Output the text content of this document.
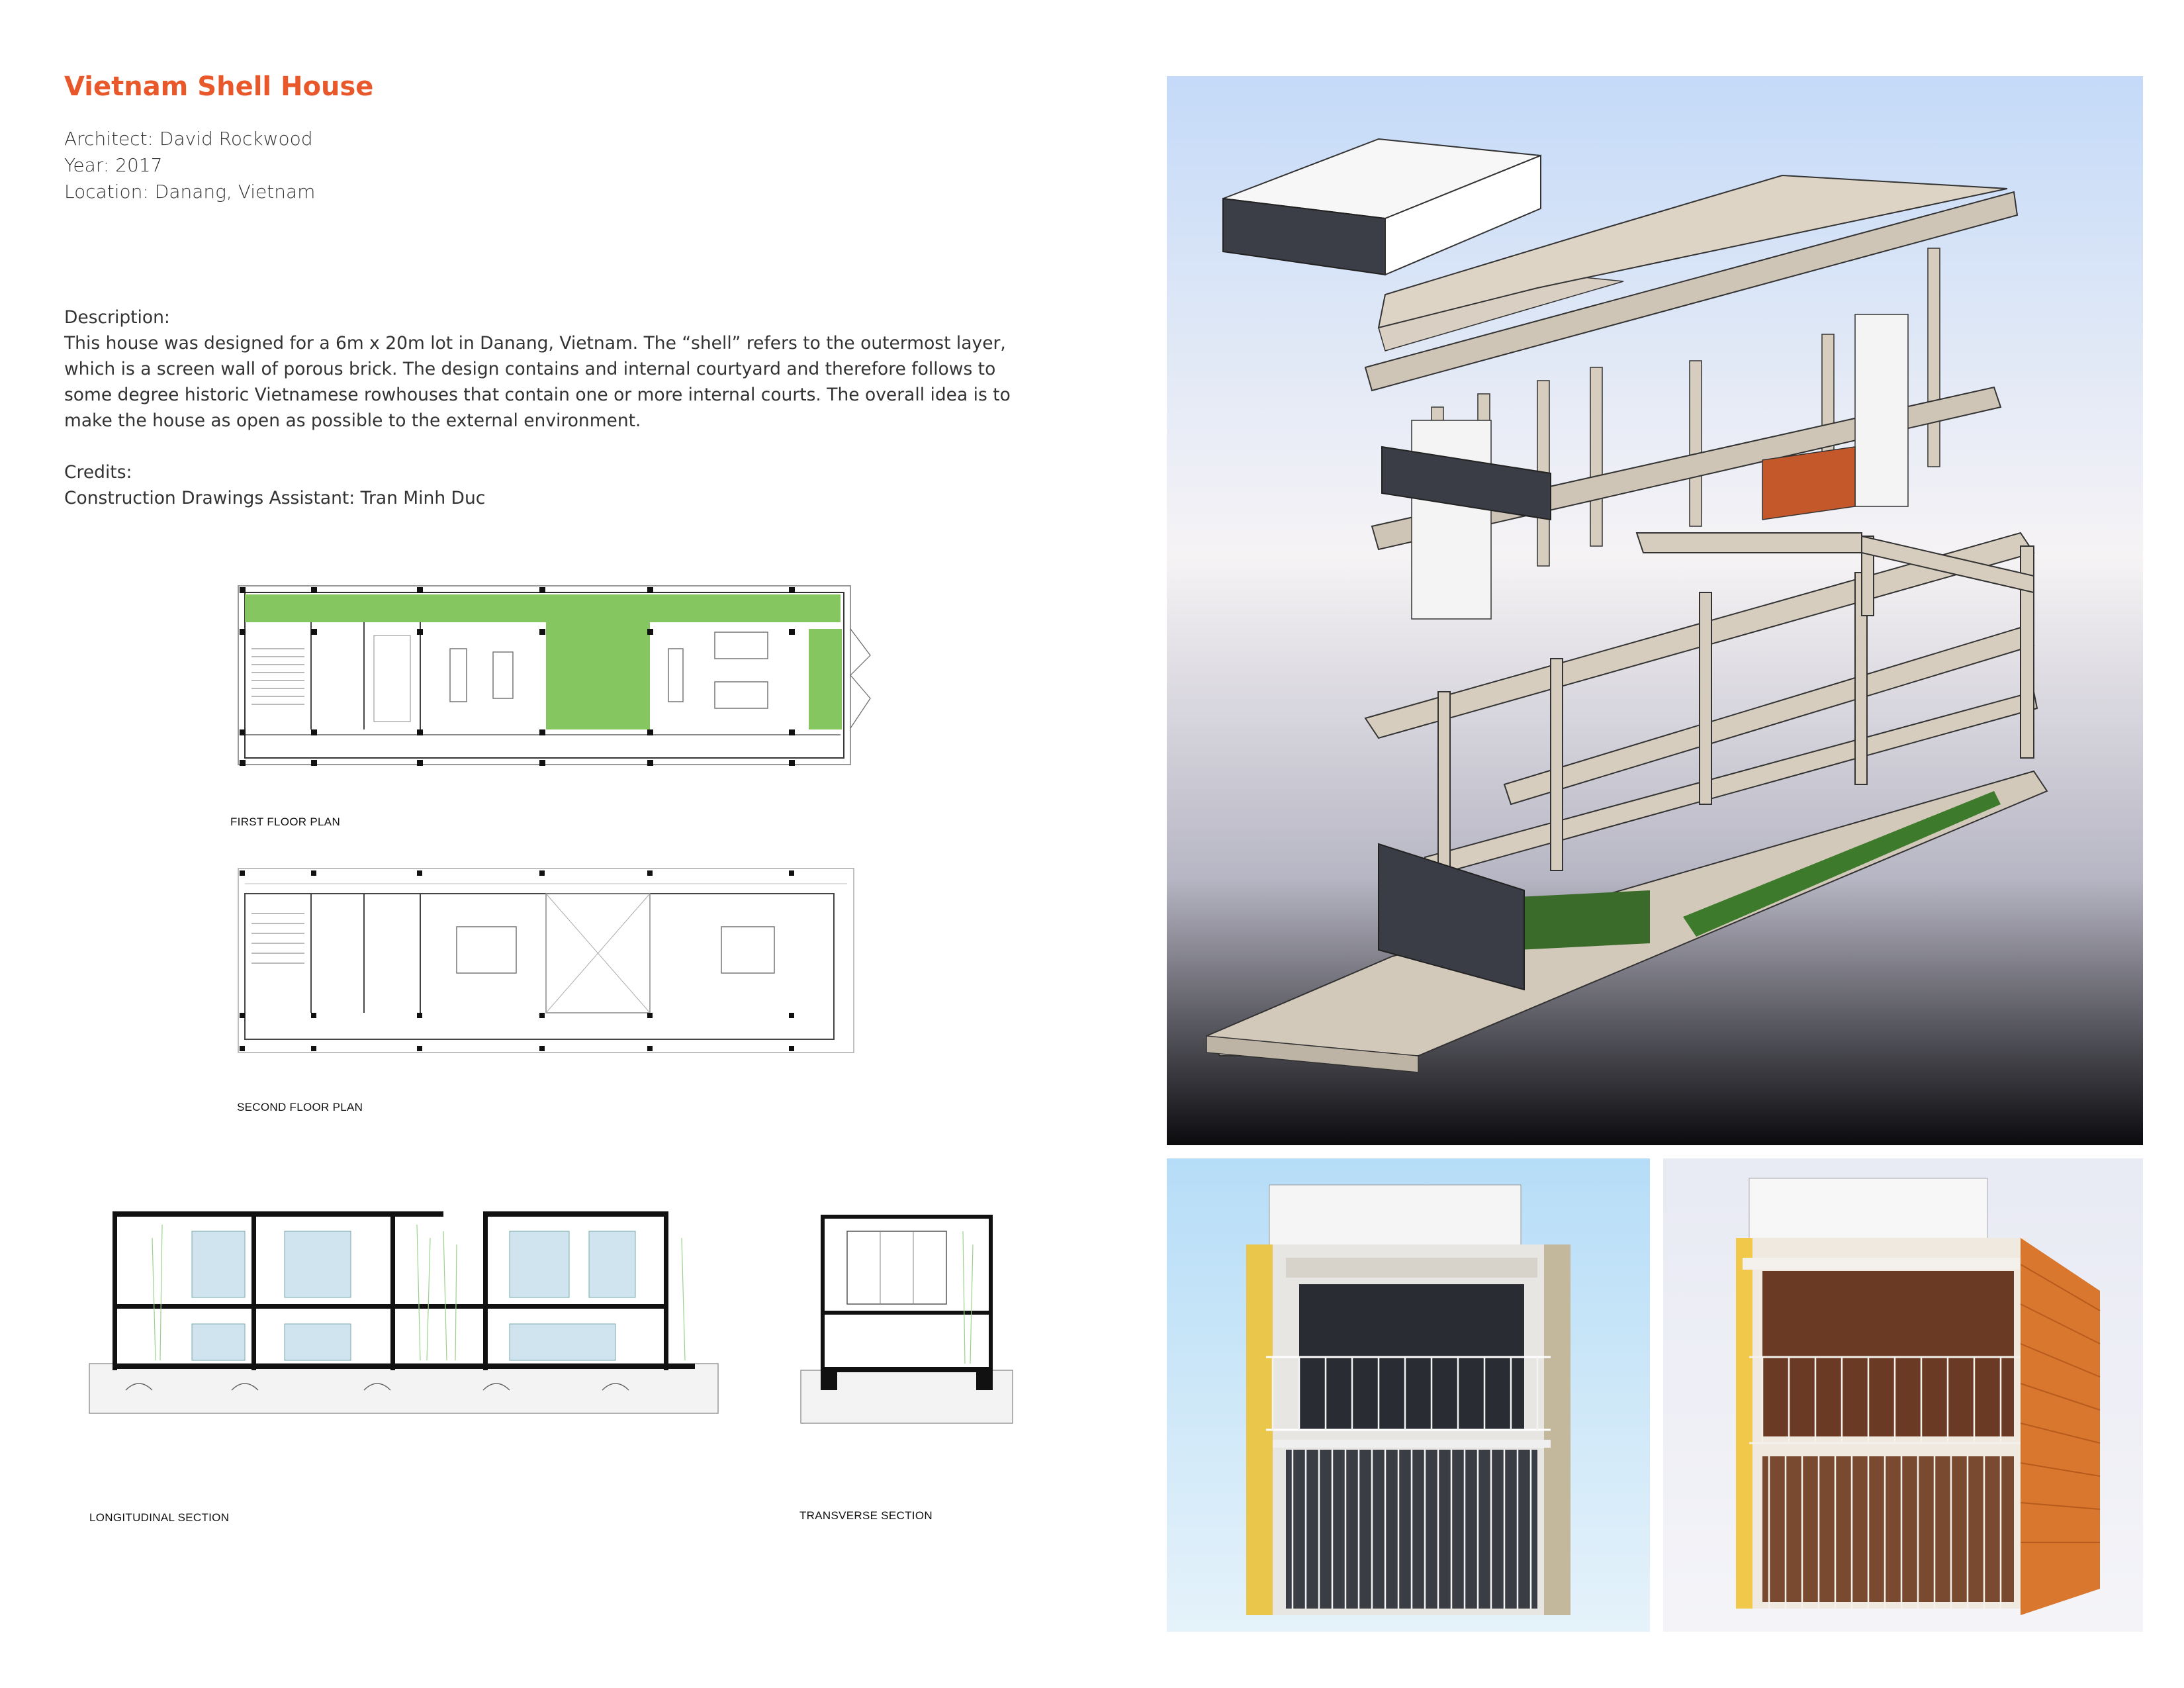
Vietnam Shell House
Architect: David Rockwood
Year: 2017
Location: Danang, Vietnam

Description:

This house was designed for a 6m x 20m lot in Danang, Vietnam. The “shell” refers to the outermost layer, which is a screen wall of porous brick. The design contains and internal courtyard and therefore follows to some degree historic Vietnamese rowhouses that contain one or more internal courts. The overall idea is to make the house as open as possible to the external environment.

Credits:

Construction Drawings Assistant: Tran Minh Duc

FIRST FLOOR PLAN
SECOND FLOOR PLAN
LONGITUDINAL SECTION	TRANSVERSE SECTION
